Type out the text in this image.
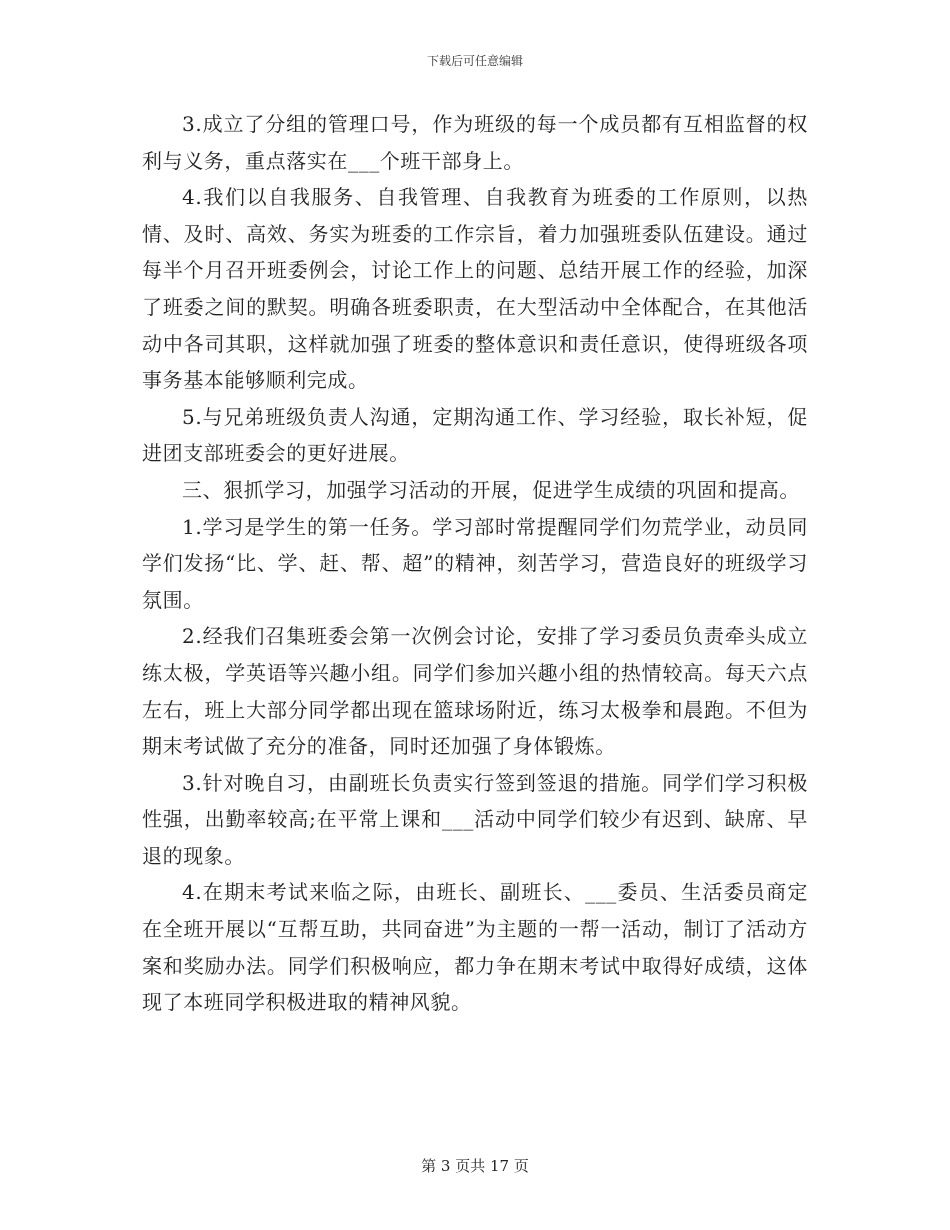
下载后可任意编辑

3.成立了分组的管理口号，作为班级的每一个成员都有互相监督的权利与义务，重点落实在___个班干部身上。

4.我们以自我服务、自我管理、自我教育为班委的工作原则，以热情、及时、高效、务实为班委的工作宗旨，着力加强班委队伍建设。通过每半个月召开班委例会，讨论工作上的问题、总结开展工作的经验，加深了班委之间的默契。明确各班委职责，在大型活动中全体配合，在其他活动中各司其职，这样就加强了班委的整体意识和责任意识，使得班级各项事务基本能够顺利完成。

5.与兄弟班级负责人沟通，定期沟通工作、学习经验，取长补短，促进团支部班委会的更好进展。

三、狠抓学习，加强学习活动的开展，促进学生成绩的巩固和提高。

1.学习是学生的第一任务。学习部时常提醒同学们勿荒学业，动员同学们发扬“比、学、赶、帮、超”的精神，刻苦学习，营造良好的班级学习氛围。

2.经我们召集班委会第一次例会讨论，安排了学习委员负责牵头成立练太极，学英语等兴趣小组。同学们参加兴趣小组的热情较高。每天六点左右，班上大部分同学都出现在篮球场附近，练习太极拳和晨跑。不但为期末考试做了充分的准备，同时还加强了身体锻炼。

3.针对晚自习，由副班长负责实行签到签退的措施。同学们学习积极性强，出勤率较高;在平常上课和___活动中同学们较少有迟到、缺席、早退的现象。

4.在期末考试来临之际，由班长、副班长、___委员、生活委员商定在全班开展以“互帮互助，共同奋进”为主题的一帮一活动，制订了活动方案和奖励办法。同学们积极响应，都力争在期末考试中取得好成绩，这体现了本班同学积极进取的精神风貌。

第 3 页共 17 页
